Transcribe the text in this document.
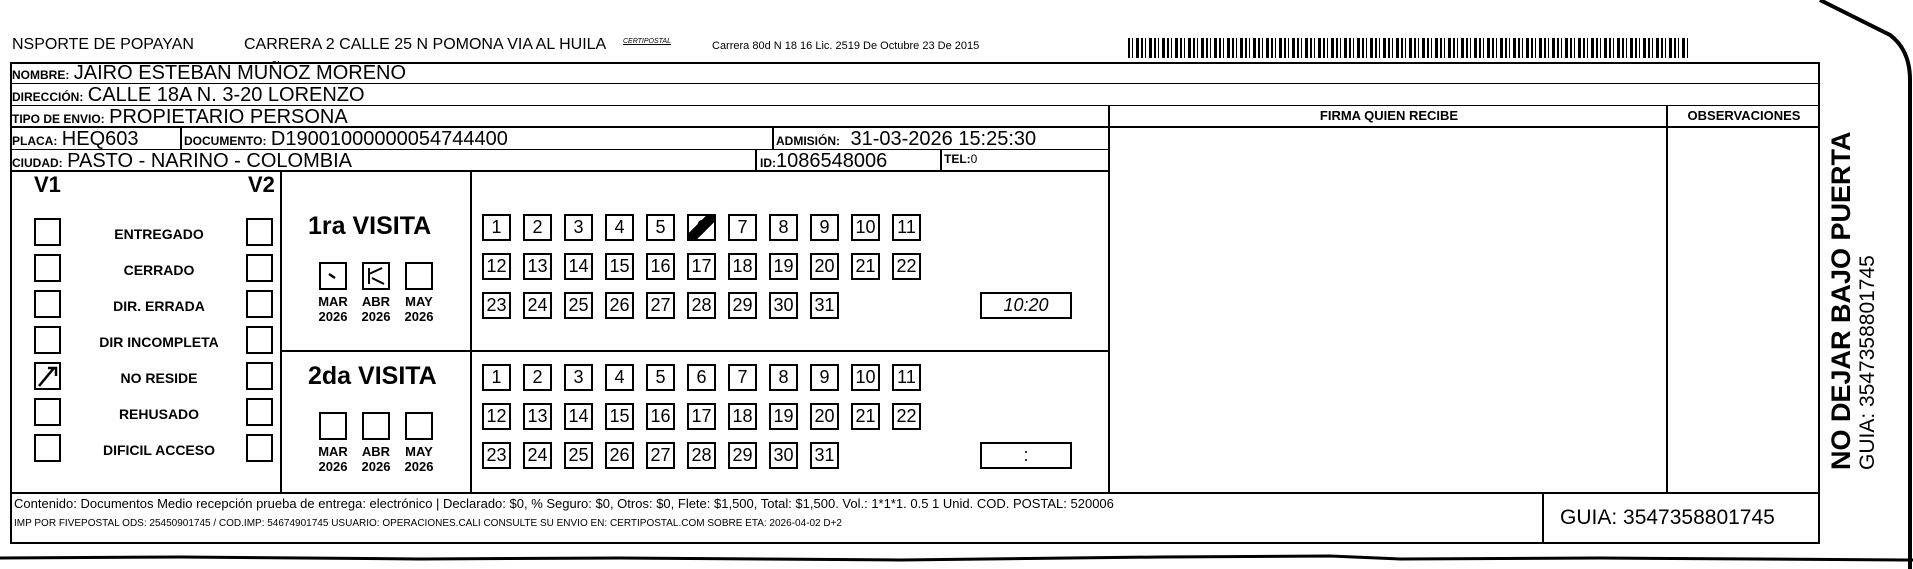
NSPORTE DE POPAYAN	CARRERA 2 CALLE 25 N POMONA VIA AL HUILA CERTIPOSTAL	Carrera 80d N 18 16 Lic. 2519 De Octubre 23 De 2015
NOMBRE: JAIRO ESTEBAN MUÑOZ MORENO
DIRECCIÓN: CALLE 18A N. 3-20 LORENZO
TIPO DE ENVIO: PROPIETARIO PERSONA	FIRMA QUIEN RECIBE	OBSERVACIONES
PLACA: HEQ603	DOCUMENTO: D19001000000054744400	ADMISIÓN: 31-03-2026 15:25:30
CIUDAD: PASTO - NARINO - COLOMBIA	ID:1086548006	TEL:0
V1	V2
ENTREGADO
CERRADO
DIR. ERRADA
DIR INCOMPLETA
NO RESIDE
REHUSADO
DIFICIL ACCESO
1ra VISITA
2da VISITA
1	2	3	4	5	6	7	8	9	10 11
12 13 14 15 16 17 18 19 20 21 22
23 24 25 26 27 28 29 30 31	10:20
MAR
2026
ABR
2026
MAY
2026
1	2	3	4	5	6	7	8	9	10 11
12 13 14 15 16 17 18 19 20 21 22
23 24 25 26 27 28 29 30 31	:
MAR
2026
ABR
2026
MAY
2026
Contenido: Documentos Medio recepción prueba de entrega: electrónico | Declarado: $0, % Seguro: $0, Otros: $0, Flete: $1,500, Total: $1,500. Vol.: 1*1*1. 0.5 1 Unid. COD. POSTAL: 520006
IMP POR FIVEPOSTAL ODS: 25450901745 / COD.IMP: 54674901745 USUARIO: OPERACIONES.CALI CONSULTE SU ENVIO EN: CERTIPOSTAL.COM SOBRE ETA: 2026-04-02 D+2	GUIA: 3547358801745
NO DEJAR BAJO PUERTA GUIA: 3547358801745
